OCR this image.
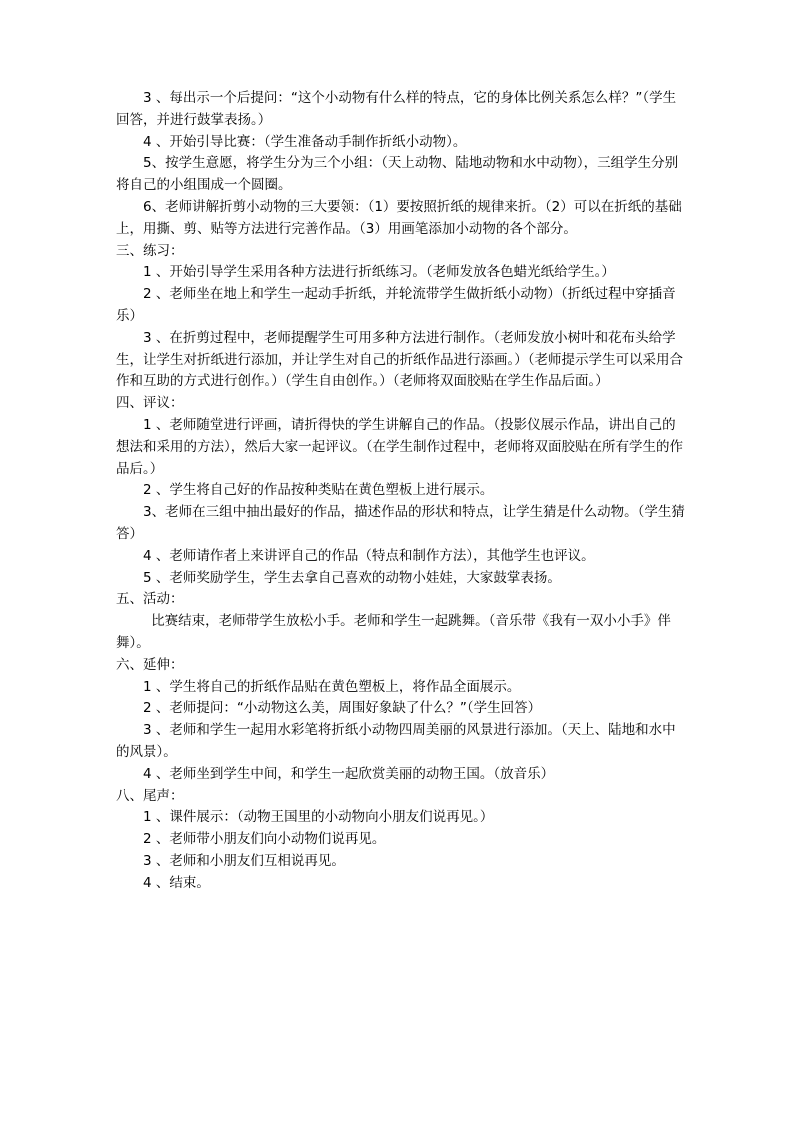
3 、每出示一个后提问：“这个小动物有什么样的特点，它的身体比例关系怎么样？”（学生回答，并进行鼓掌表扬。）

4 、开始引导比赛：（学生准备动手制作折纸小动物）。

5、按学生意愿，将学生分为三个小组：（天上动物、陆地动物和水中动物），三组学生分别将自己的小组围成一个圆圈。

6、老师讲解折剪小动物的三大要领：（1）要按照折纸的规律来折。（2）可以在折纸的基础上，用撕、剪、贴等方法进行完善作品。（3）用画笔添加小动物的各个部分。

三、练习：

1 、开始引导学生采用各种方法进行折纸练习。（老师发放各色蜡光纸给学生。）

2 、老师坐在地上和学生一起动手折纸，并轮流带学生做折纸小动物）（折纸过程中穿插音乐）

3 、在折剪过程中，老师提醒学生可用多种方法进行制作。（老师发放小树叶和花布头给学生，让学生对折纸进行添加，并让学生对自己的折纸作品进行添画。）（老师提示学生可以采用合作和互助的方式进行创作。）（学生自由创作。）（老师将双面胶贴在学生作品后面。）

四、评议：

1 、老师随堂进行评画，请折得快的学生讲解自己的作品。（投影仪展示作品，讲出自己的想法和采用的方法），然后大家一起评议。（在学生制作过程中，老师将双面胶贴在所有学生的作品后。）

2 、学生将自己好的作品按种类贴在黄色塑板上进行展示。

3、老师在三组中抽出最好的作品，描述作品的形状和特点，让学生猜是什么动物。（学生猜答）

4 、老师请作者上来讲评自己的作品（特点和制作方法），其他学生也评议。

5 、老师奖励学生，学生去拿自己喜欢的动物小娃娃，大家鼓掌表扬。

五、活动：

比赛结束，老师带学生放松小手。老师和学生一起跳舞。（音乐带《我有一双小小手》伴舞）。

六、延伸：

1 、学生将自己的折纸作品贴在黄色塑板上，将作品全面展示。

2 、老师提问：“小动物这么美，周围好象缺了什么？”（学生回答）

3 、老师和学生一起用水彩笔将折纸小动物四周美丽的风景进行添加。（天上、陆地和水中的风景）。

4 、老师坐到学生中间，和学生一起欣赏美丽的动物王国。（放音乐）

八、尾声：

1 、课件展示：（动物王国里的小动物向小朋友们说再见。）

2 、老师带小朋友们向小动物们说再见。

3 、老师和小朋友们互相说再见。

4 、结束。
